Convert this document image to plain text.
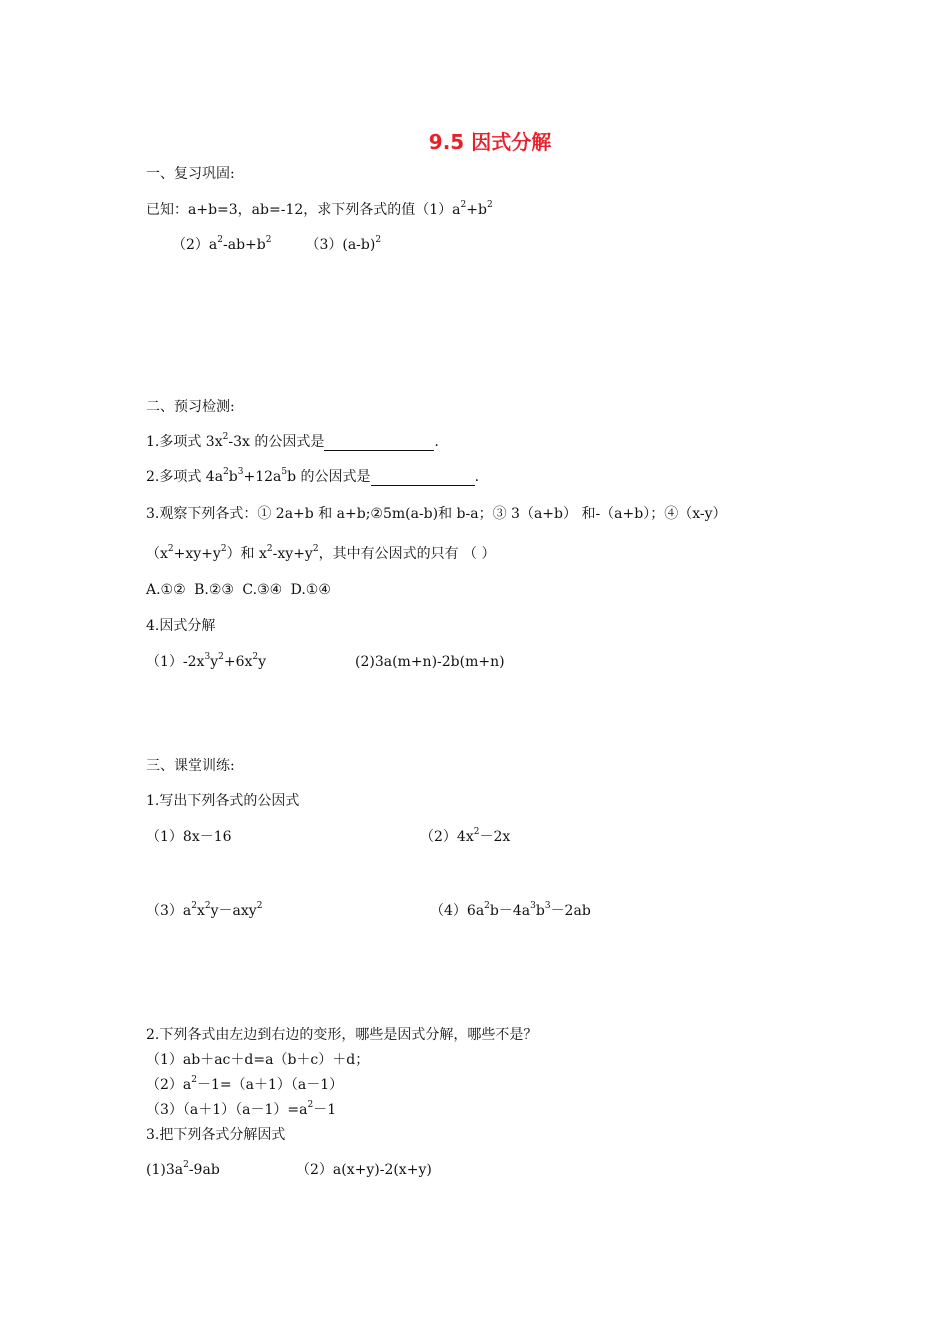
9.5 因式分解
一、复习巩固:
已知：a+b=3，ab=-12，求下列各式的值$(1)a^2+b^2$
$(2)a^2-ab+b^2$ $(3)(a-b)^2$
二、预习检测:
1.多项式 $3x^2-3x$ 的公因式是	.
2.多项式 $4a^2b^3+12a^5b$ 的公因式是	.
3.观察下列各式：① 2a+b 和 a+b;②5m(a-b)和 b-a；③ 3（a+b） 和-（a+b）；④（x-y）
$(x^2+xy+y^2)$和 $x^2-xy+y^2$，其中有公因式的只有 （ ）
A.①② B.②③ C.③④ D.①④
4.因式分解
$(1)-2x^3y^2+6x^2y$	(2)3a(m+n)-2b(m+n)
三、课堂训练:
1.写出下列各式的公因式
（1）8x－16	$(2)4x^2-2x$
$(3)a^2x^2y-axy^2$	$(4)6a^2b-4a^3b^3-2ab$
2.下列各式由左边到右边的变形，哪些是因式分解，哪些不是？
（1）ab＋ac＋d=a（b＋c）＋d；
$(2)a^2-1=(a+1)(a-1)$
$(3)(a+1)(a-1)=a^2-1$
3.把下列各式分解因式
$(1)3a^2-9ab$	（2）a(x+y)-2(x+y)
